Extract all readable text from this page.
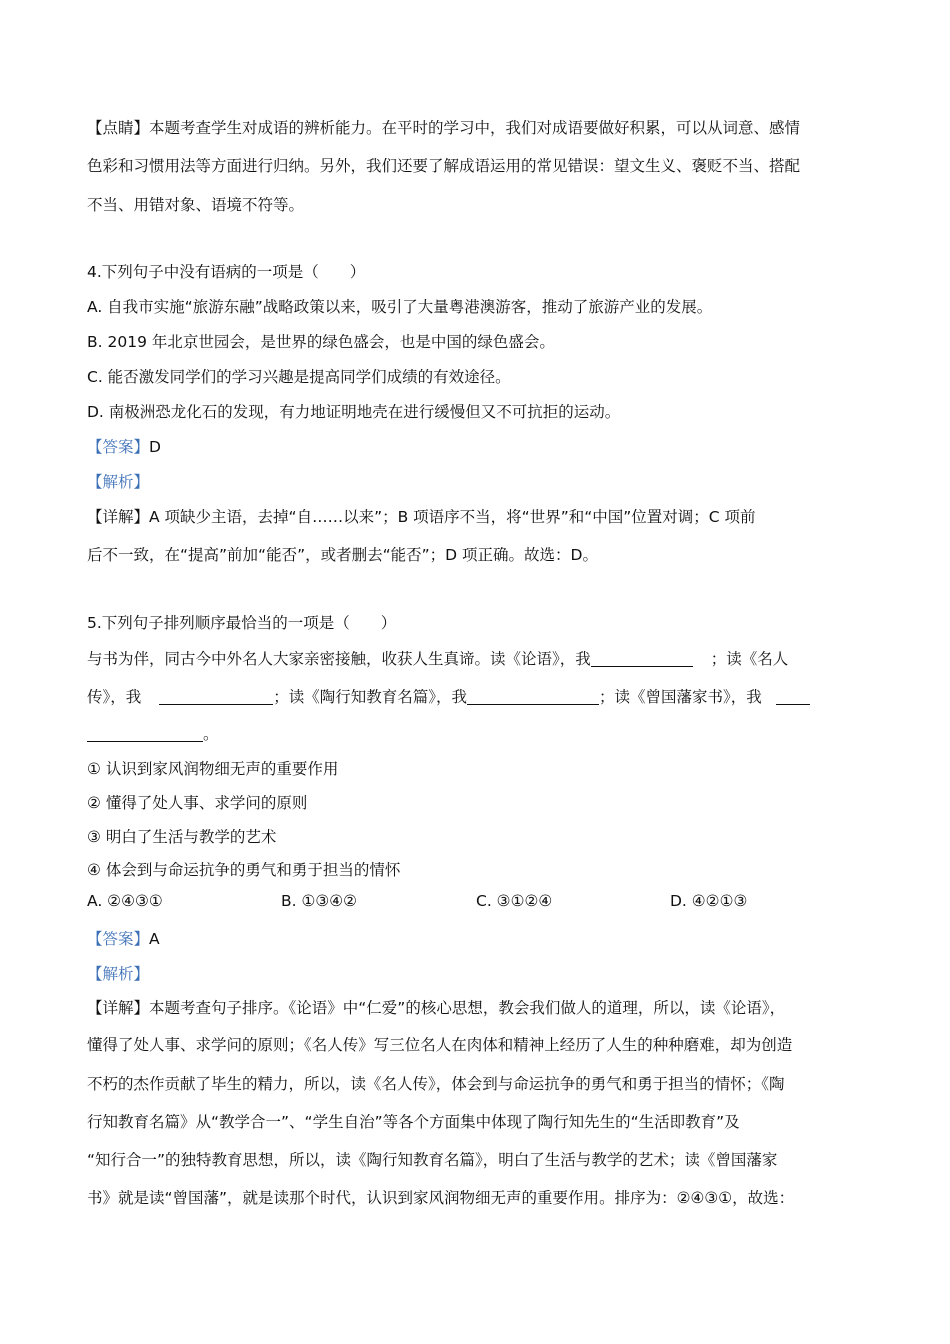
【点睛】本题考查学生对成语的辨析能力。在平时的学习中，我们对成语要做好积累，可以从词意、感情
色彩和习惯用法等方面进行归纳。另外，我们还要了解成语运用的常见错误：望文生义、褒贬不当、搭配
不当、用错对象、语境不符等。
4.下列句子中没有语病的一项是（　　）
A. 自我市实施“旅游东融”战略政策以来，吸引了大量粤港澳游客，推动了旅游产业的发展。
B. 2019 年北京世园会，是世界的绿色盛会，也是中国的绿色盛会。
C. 能否激发同学们的学习兴趣是提高同学们成绩的有效途径。
D. 南极洲恐龙化石的发现，有力地证明地壳在进行缓慢但又不可抗拒的运动。
【答案】D
【解析】
【详解】A 项缺少主语，去掉“自……以来”；B 项语序不当，将“世界”和“中国”位置对调；C 项前
后不一致，在“提高”前加“能否”，或者删去“能否”；D 项正确。故选：D。
5.下列句子排列顺序最恰当的一项是（　　）
与书为伴，同古今中外名人大家亲密接触，收获人生真谛。读《论语》，我	；读《名人
传》，我	；读《陶行知教育名篇》，我	；读《曾国藩家书》，我
。
① 认识到家风润物细无声的重要作用
② 懂得了处人事、求学问的原则
③ 明白了生活与教学的艺术
④ 体会到与命运抗争的勇气和勇于担当的情怀
A. ②④③①	B. ①③④②	C. ③①②④	D. ④②①③
【答案】A
【解析】
【详解】本题考查句子排序。《论语》中“仁爱”的核心思想，教会我们做人的道理，所以，读《论语》，
懂得了处人事、求学问的原则；《名人传》写三位名人在肉体和精神上经历了人生的种种磨难，却为创造
不朽的杰作贡献了毕生的精力，所以，读《名人传》，体会到与命运抗争的勇气和勇于担当的情怀；《陶
行知教育名篇》从“教学合一”、“学生自治”等各个方面集中体现了陶行知先生的“生活即教育”及
“知行合一”的独特教育思想，所以，读《陶行知教育名篇》，明白了生活与教学的艺术；读《曾国藩家
书》就是读“曾国藩”，就是读那个时代，认识到家风润物细无声的重要作用。排序为：②④③①，故选：
